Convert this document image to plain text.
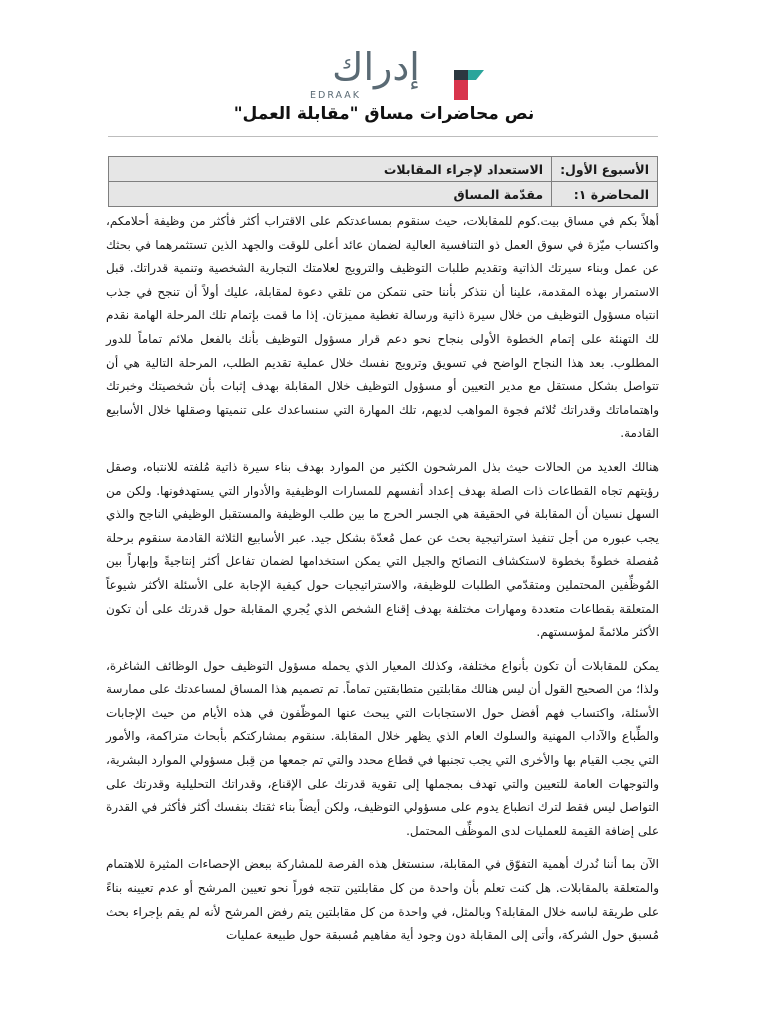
إدراك
EDRAAK
نص محاضرات مساق "مقابلة العمل"
الأسبوع الأول:	الاستعداد لإجراء المقابلات
المحاضرة ١:	مقدّمة المساق

أهلاً بكم في مساق بيت.كوم للمقابلات، حيث سنقوم بمساعدتكم على الاقتراب أكثر فأكثر من وظيفة أحلامكم، واكتساب ميّزة في سوق العمل ذو التنافسية العالية لضمان عائد أعلى للوقت والجهد الذين تستثمرهما في بحثك عن عمل وبناء سيرتك الذاتية وتقديم طلبات التوظيف والترويج لعلامتك التجارية الشخصية وتنمية قدراتك. قبل الاستمرار بهذه المقدمة، علينا أن نتذكر بأننا حتى نتمكن من تلقي دعوة لمقابلة، عليك أولاً أن تنجح في جذب انتباه مسؤول التوظيف من خلال سيرة ذاتية ورسالة تغطية مميزتان. إذا ما قمت بإتمام تلك المرحلة الهامة نقدم لك التهنئة على إتمام الخطوة الأولى بنجاح نحو دعم قرار مسؤول التوظيف بأنك بالفعل ملائم تماماً للدور المطلوب. بعد هذا النجاح الواضح في تسويق وترويج نفسك خلال عملية تقديم الطلب، المرحلة التالية هي أن تتواصل بشكل مستقل مع مدير التعيين أو مسؤول التوظيف خلال المقابلة بهدف إثبات بأن شخصيتك وخبرتك واهتماماتك وقدراتك تُلائم فجوة المواهب لديهم، تلك المهارة التي سنساعدك على تنميتها وصقلها خلال الأسابيع القادمة.

هنالك العديد من الحالات حيث بذل المرشحون الكثير من الموارد بهدف بناء سيرة ذاتية مُلفته للانتباه، وصقل رؤيتهم تجاه القطاعات ذات الصلة بهدف إعداد أنفسهم للمسارات الوظيفية والأدوار التي يستهدفونها. ولكن من السهل نسيان أن المقابلة في الحقيقة هي الجسر الحرج ما بين طلب الوظيفة والمستقبل الوظيفي الناجح والذي يجب عبوره من أجل تنفيذ استراتيجية بحث عن عمل مُعدّة بشكل جيد. عبر الأسابيع الثلاثة القادمة سنقوم برحلة مُفصلة خطوةً بخطوة لاستكشاف النصائح والجيل التي يمكن استخدامها لضمان تفاعل أكثر إنتاجيةً وإبهاراً بين المُوظِّفين المحتملين ومتقدّمي الطلبات للوظيفة، والاستراتيجيات حول كيفية الإجابة على الأسئلة الأكثر شيوعاً المتعلقة بقطاعات متعددة ومهارات مختلفة بهدف إقناع الشخص الذي يُجري المقابلة حول قدرتك على أن تكون الأكثر ملائمةً لمؤسستهم.

يمكن للمقابلات أن تكون بأنواع مختلفة، وكذلك المعيار الذي يحمله مسؤول التوظيف حول الوظائف الشاغرة، ولذا؛ من الصحيح القول أن ليس هنالك مقابلتين متطابقتين تماماً. تم تصميم هذا المساق لمساعدتك على ممارسة الأسئلة، واكتساب فهم أفضل حول الاستجابات التي يبحث عنها الموظّفون في هذه الأيام من حيث الإجابات والطِّباع والآداب المهنية والسلوك العام الذي يظهر خلال المقابلة. سنقوم بمشاركتكم بأبحاث متراكمة، والأمور التي يجب القيام بها والأخرى التي يجب تجنبها في قطاع محدد والتي تم جمعها من قِبل مسؤولي الموارد البشرية، والتوجهات العامة للتعيين والتي تهدف بمجملها إلى تقوية قدرتك على الإقناع، وقدراتك التحليلية وقدرتك على التواصل ليس فقط لترك انطباع يدوم على مسؤولي التوظيف، ولكن أيضاً بناء ثقتك بنفسك أكثر فأكثر في القدرة على إضافة القيمة للعمليات لدى الموظِّف المحتمل.

الآن بما أننا نُدرك أهمية التفوّق في المقابلة، سنستغل هذه الفرصة للمشاركة ببعض الإحصاءات المثيرة للاهتمام والمتعلقة بالمقابلات. هل كنت تعلم بأن واحدة من كل مقابلتين تتجه فوراً نحو تعيين المرشح أو عدم تعيينه بناءً على طريقة لباسه خلال المقابلة؟ وبالمثل، في واحدة من كل مقابلتين يتم رفض المرشح لأنه لم يقم بإجراء بحث مُسبق حول الشركة، وأتى إلى المقابلة دون وجود أية مفاهيم مُسبقة حول طبيعة عمليات
